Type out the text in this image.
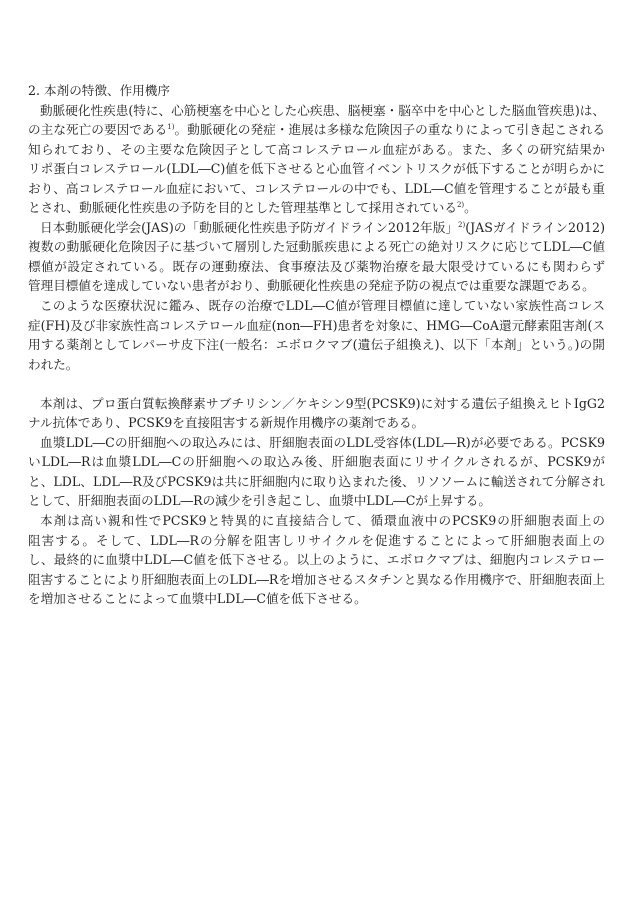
2. 本剤の特徴、作用機序
動脈硬化性疾患(特に、心筋梗塞を中心とした心疾患、脳梗塞・脳卒中を中心とした脳血管疾患)は、
の主な死亡の要因である$^{1)}$。動脈硬化の発症・進展は多様な危険因子の重なりによって引き起こされる
知られており、その主要な危険因子として高コレステロール血症がある。また、多くの研究結果か
リポ蛋白コレステロール(LDL―C)値を低下させると心血管イベントリスクが低下することが明らかに
おり、高コレステロール血症において、コレステロールの中でも、LDL―C値を管理することが最も重
とされ、動脈硬化性疾患の予防を目的とした管理基準として採用されている$^{2)}$。
日本動脈硬化学会(JAS)の「動脈硬化性疾患予防ガイドライン2012年版」$^{2)}$(JASガイドライン2012)
複数の動脈硬化危険因子に基づいて層別した冠動脈疾患による死亡の絶対リスクに応じてLDL―C値
標値が設定されている。既存の運動療法、食事療法及び薬物治療を最大限受けているにも関わらず
管理目標値を達成していない患者がおり、動脈硬化性疾患の発症予防の視点では重要な課題である。
このような医療状況に鑑み、既存の治療でLDL―C値が管理目標値に達していない家族性高コレス
症(FH)及び非家族性高コレステロール血症(non―FH)患者を対象に、HMG―CoA還元酵素阻害剤(ス
用する薬剤としてレパーサ皮下注(一般名：エボロクマブ(遺伝子組換え)、以下「本剤」という。)の開
われた。
本剤は、プロ蛋白質転換酵素サブチリシン／ケキシン9型(PCSK9)に対する遺伝子組換えヒトIgG2
ナル抗体であり、PCSK9を直接阻害する新規作用機序の薬剤である。
血漿LDL―Cの肝細胞への取込みには、肝細胞表面のLDL受容体(LDL―R)が必要である。PCSK9
いLDL―Rは血漿LDL―Cの肝細胞への取込み後、肝細胞表面にリサイクルされるが、PCSK9が
と、LDL、LDL―R及びPCSK9は共に肝細胞内に取り込まれた後、リソソームに輸送されて分解され
として、肝細胞表面のLDL―Rの減少を引き起こし、血漿中LDL―Cが上昇する。
本剤は高い親和性でPCSK9と特異的に直接結合して、循環血液中のPCSK9の肝細胞表面上の
阻害する。そして、LDL―Rの分解を阻害しリサイクルを促進することによって肝細胞表面上の
し、最終的に血漿中LDL―C値を低下させる。以上のように、エボロクマブは、細胞内コレステロー
阻害することにより肝細胞表面上のLDL―Rを増加させるスタチンと異なる作用機序で、肝細胞表面上
を増加させることによって血漿中LDL―C値を低下させる。
